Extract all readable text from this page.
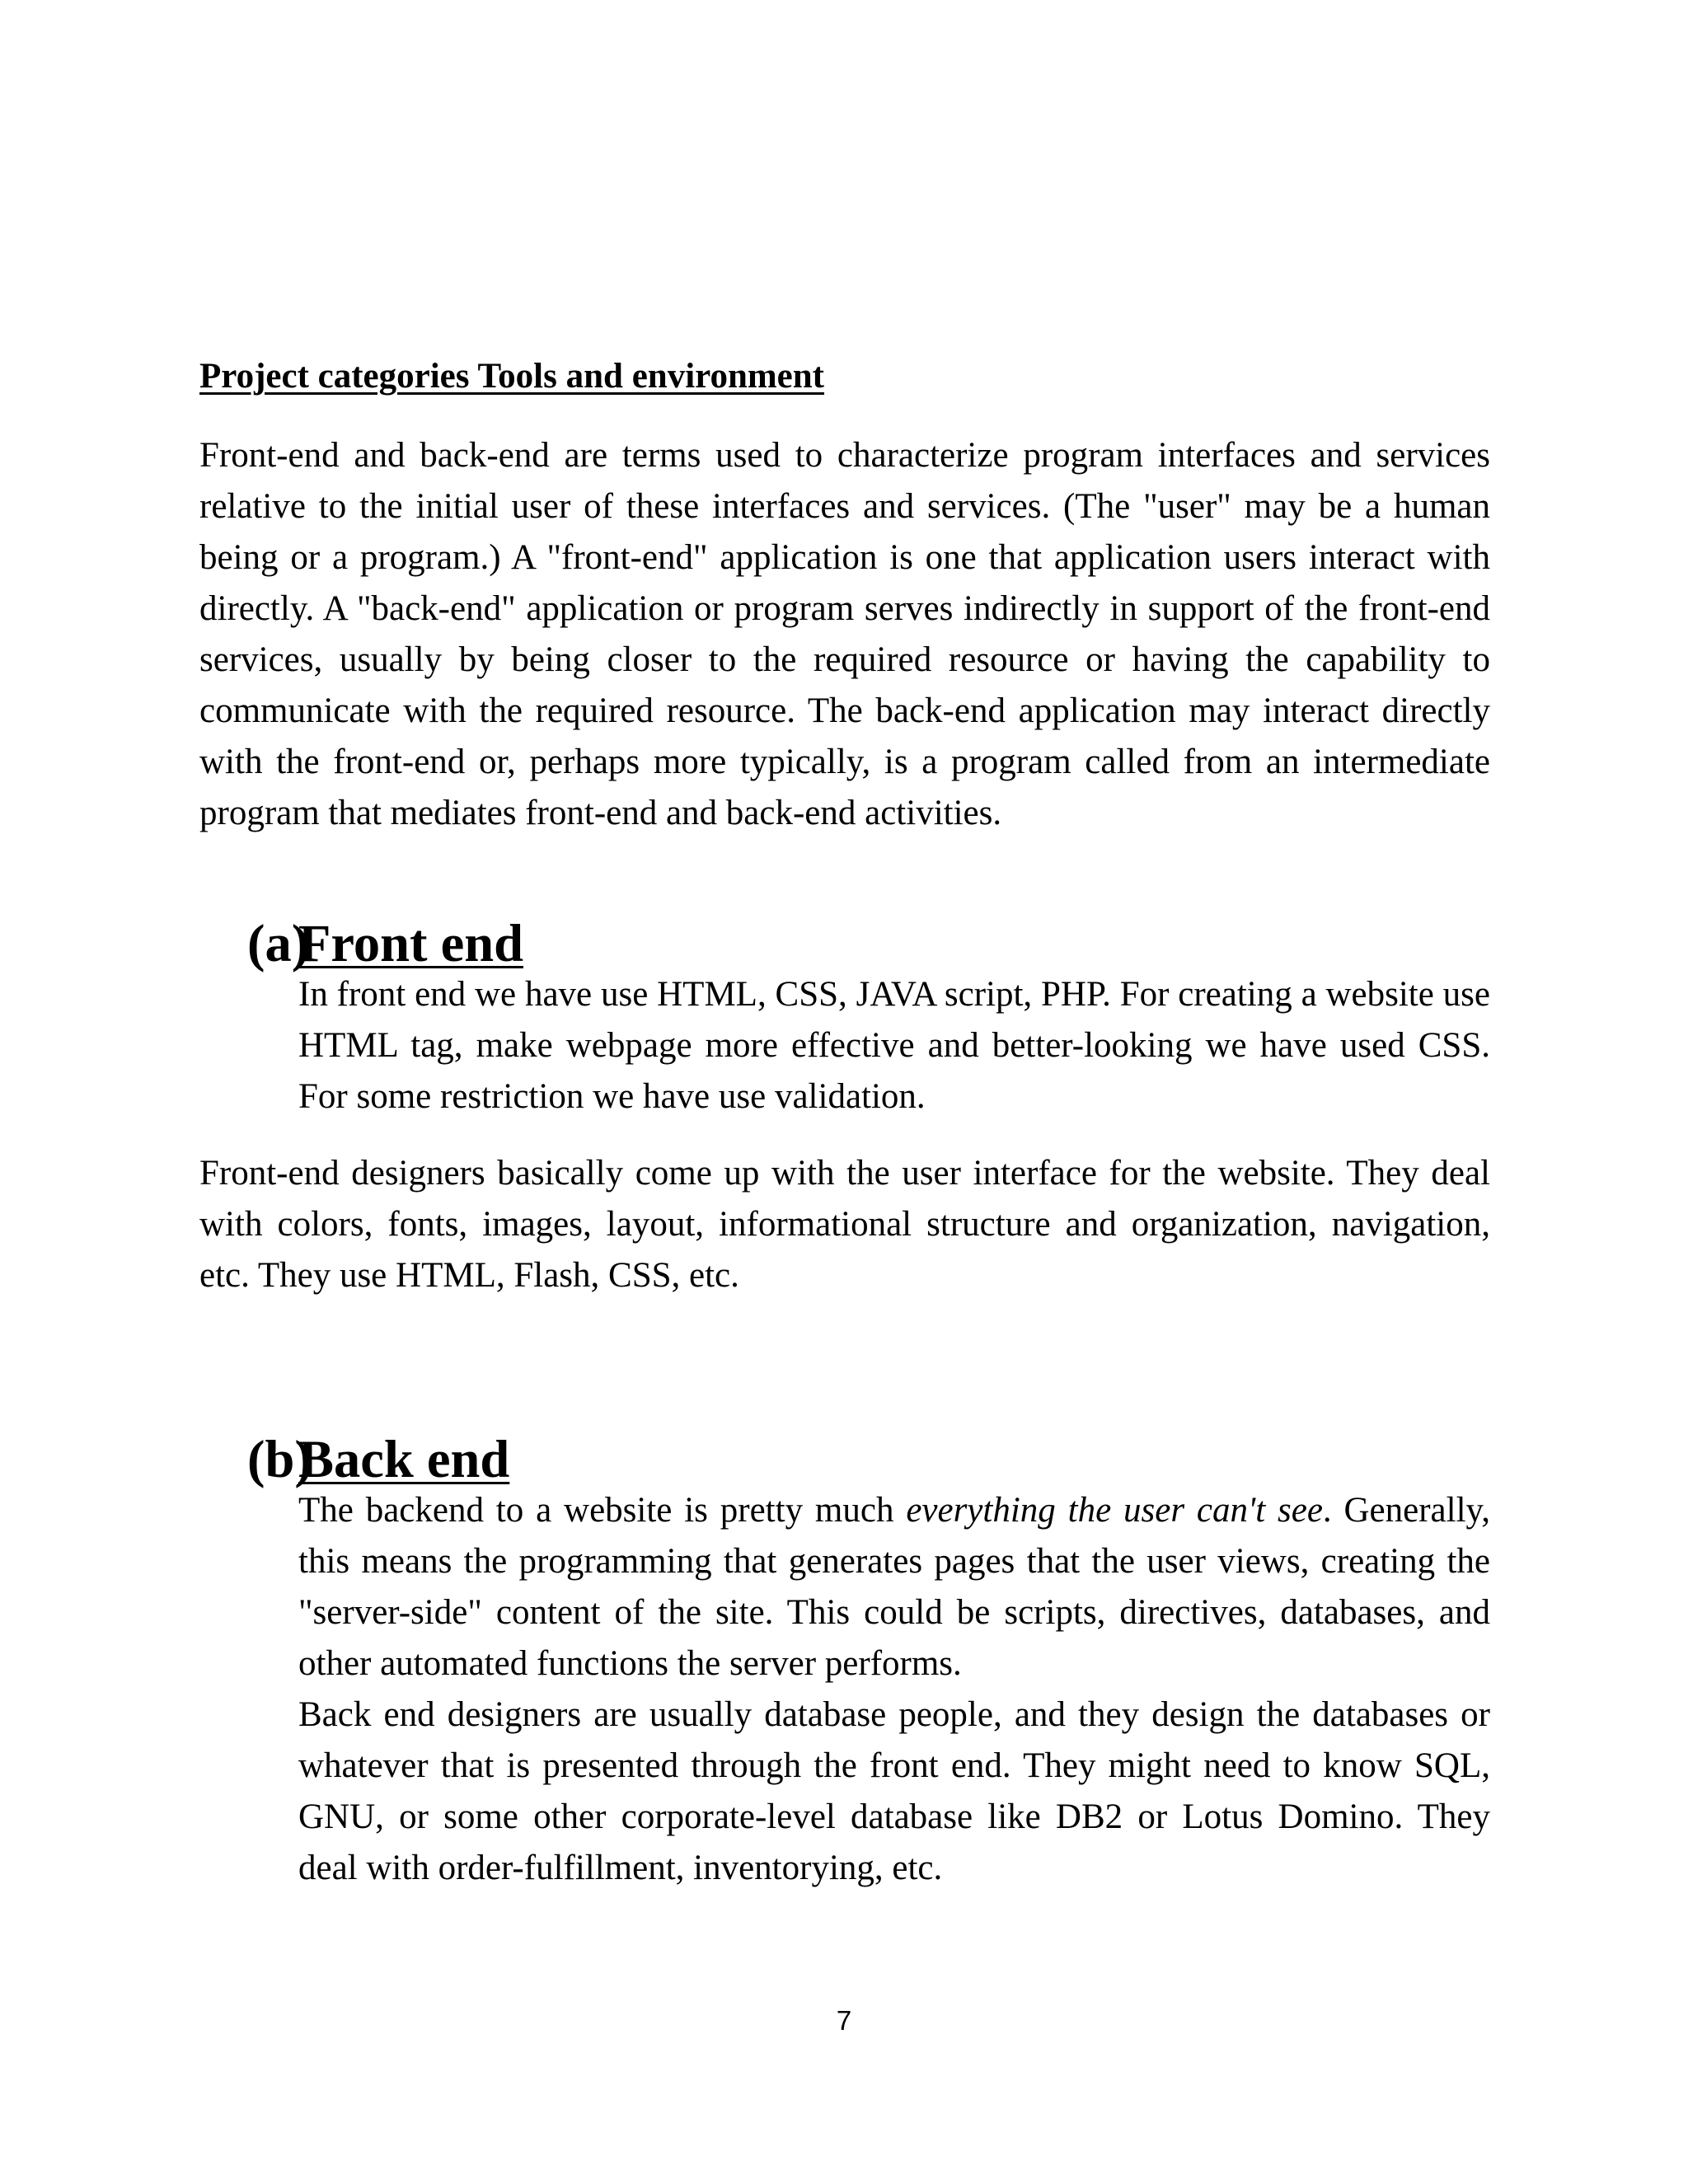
Project categories Tools and environment

Front-end and back-end are terms used to characterize program interfaces and services relative to the initial user of these interfaces and services. (The "user" may be a human being or a program.) A "front-end" application is one that application users interact with directly. A "back-end" application or program serves indirectly in support of the front-end services, usually by being closer to the required resource or having the capability to communicate with the required resource. The back-end application may interact directly with the front-end or, perhaps more typically, is a program called from an intermediate program that mediates front-end and back-end activities.

(a)Front end

In front end we have use HTML, CSS, JAVA script, PHP. For creating a website use HTML tag, make webpage more effective and better-looking we have used CSS. For some restriction we have use validation.

Front-end designers basically come up with the user interface for the website. They deal with colors, fonts, images, layout, informational structure and organization, navigation, etc. They use HTML, Flash, CSS, etc.

(b)Back end

The backend to a website is pretty much everything the user can't see. Generally, this means the programming that generates pages that the user views, creating the "server-side" content of the site. This could be scripts, directives, databases, and other automated functions the server performs.

Back end designers are usually database people, and they design the databases or whatever that is presented through the front end. They might need to know SQL, GNU, or some other corporate-level database like DB2 or Lotus Domino. They deal with order-fulfillment, inventorying, etc.

7
